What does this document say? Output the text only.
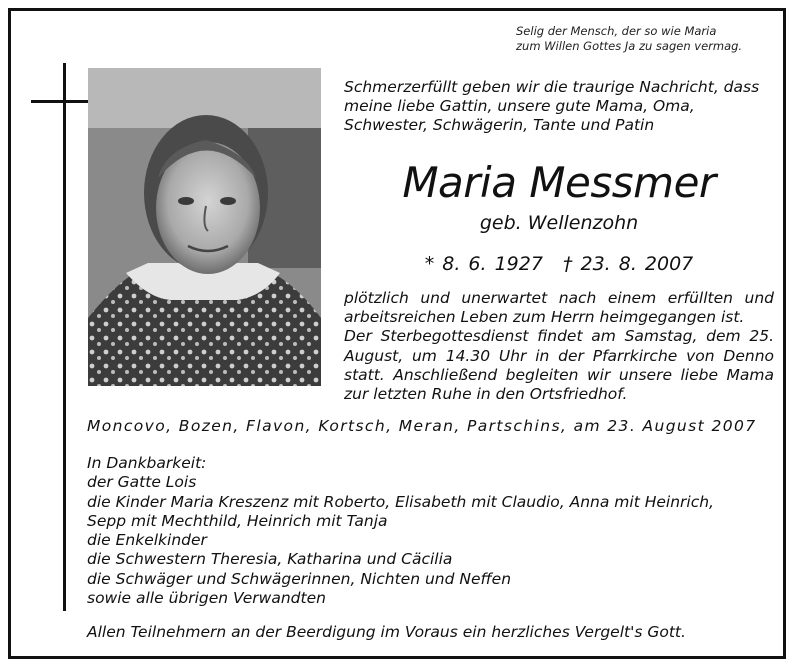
Selig der Mensch, der so wie Maria
zum Willen Gottes Ja zu sagen vermag.
Schmerzerfüllt geben wir die traurige Nachricht, dass meine liebe Gattin, unsere gute Mama, Oma, Schwester, Schwägerin, Tante und Patin
Maria Messmer
geb. Wellenzohn
* 8. 6. 1927 † 23. 8. 2007

plötzlich und unerwartet nach einem erfüllten und arbeitsreichen Leben zum Herrn heimgegangen ist.

Der Sterbegottesdienst findet am Samstag, dem 25. August, um 14.30 Uhr in der Pfarrkirche von Denno statt. Anschließend begleiten wir unsere liebe Mama zur letzten Ruhe in den Ortsfriedhof.

Moncovo, Bozen, Flavon, Kortsch, Meran, Partschins, am 23. August 2007
In Dankbarkeit:
der Gatte Lois
die Kinder Maria Kreszenz mit Roberto, Elisabeth mit Claudio, Anna mit Heinrich,
Sepp mit Mechthild, Heinrich mit Tanja
die Enkelkinder
die Schwestern Theresia, Katharina und Cäcilia
die Schwäger und Schwägerinnen, Nichten und Neffen
sowie alle übrigen Verwandten
Allen Teilnehmern an der Beerdigung im Voraus ein herzliches Vergelt's Gott.
